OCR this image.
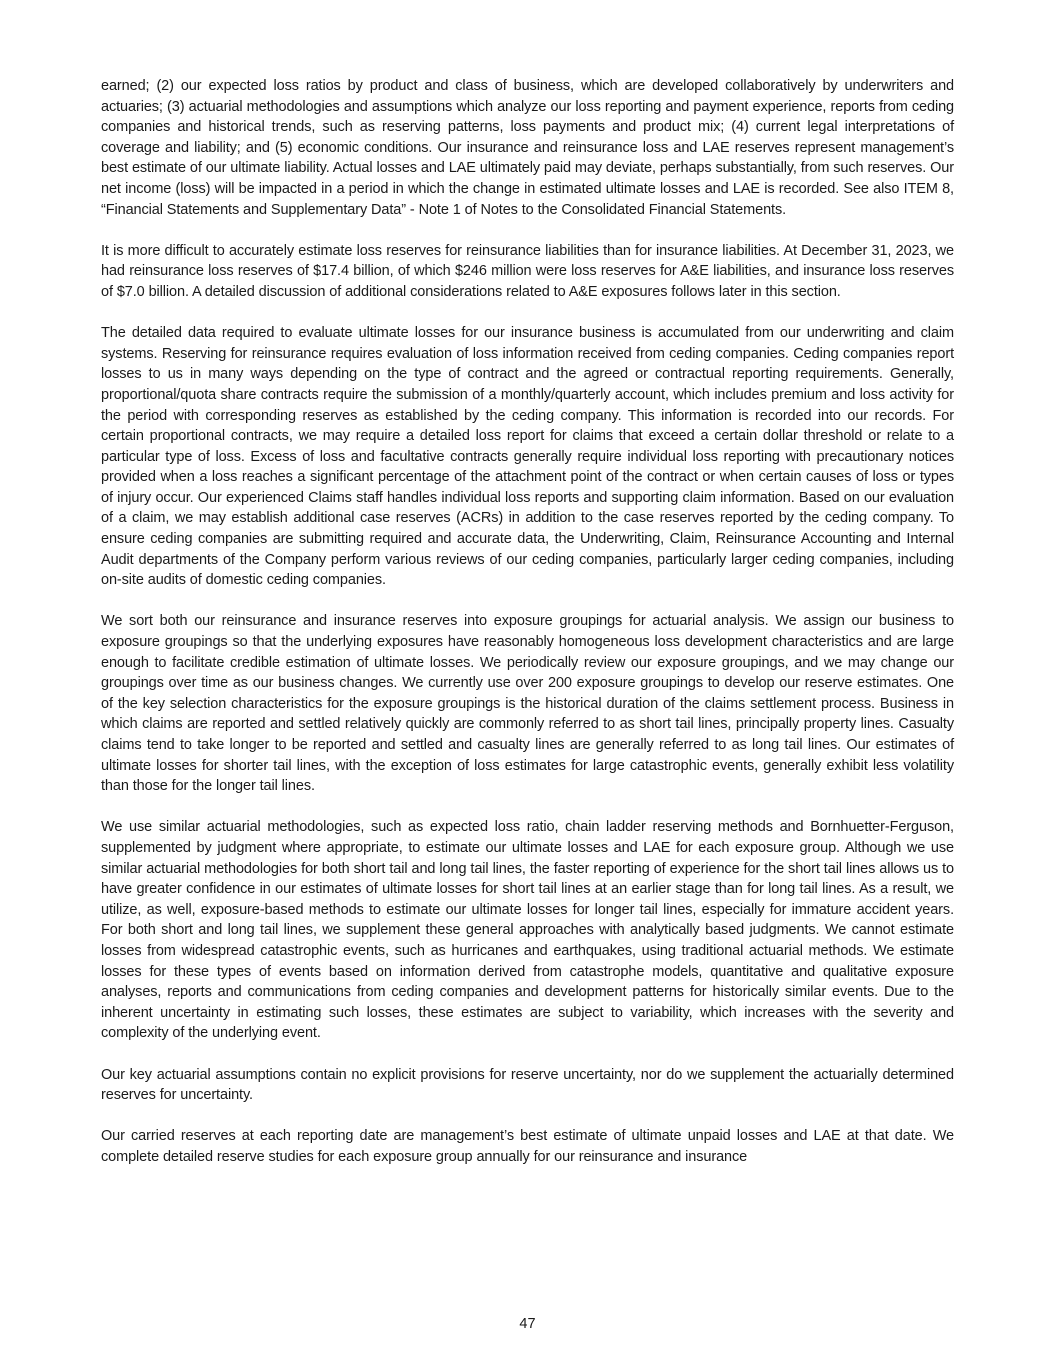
earned; (2) our expected loss ratios by product and class of business, which are developed collaboratively by underwriters and actuaries; (3) actuarial methodologies and assumptions which analyze our loss reporting and payment experience, reports from ceding companies and historical trends, such as reserving patterns, loss payments and product mix; (4) current legal interpretations of coverage and liability; and (5) economic conditions. Our insurance and reinsurance loss and LAE reserves represent management’s best estimate of our ultimate liability. Actual losses and LAE ultimately paid may deviate, perhaps substantially, from such reserves. Our net income (loss) will be impacted in a period in which the change in estimated ultimate losses and LAE is recorded. See also ITEM 8, “Financial Statements and Supplementary Data” - Note 1 of Notes to the Consolidated Financial Statements.

It is more difficult to accurately estimate loss reserves for reinsurance liabilities than for insurance liabilities. At December 31, 2023, we had reinsurance loss reserves of $17.4 billion, of which $246 million were loss reserves for A&E liabilities, and insurance loss reserves of $7.0 billion. A detailed discussion of additional considerations related to A&E exposures follows later in this section.

The detailed data required to evaluate ultimate losses for our insurance business is accumulated from our underwriting and claim systems. Reserving for reinsurance requires evaluation of loss information received from ceding companies. Ceding companies report losses to us in many ways depending on the type of contract and the agreed or contractual reporting requirements. Generally, proportional/quota share contracts require the submission of a monthly/quarterly account, which includes premium and loss activity for the period with corresponding reserves as established by the ceding company. This information is recorded into our records. For certain proportional contracts, we may require a detailed loss report for claims that exceed a certain dollar threshold or relate to a particular type of loss. Excess of loss and facultative contracts generally require individual loss reporting with precautionary notices provided when a loss reaches a significant percentage of the attachment point of the contract or when certain causes of loss or types of injury occur. Our experienced Claims staff handles individual loss reports and supporting claim information. Based on our evaluation of a claim, we may establish additional case reserves (ACRs) in addition to the case reserves reported by the ceding company. To ensure ceding companies are submitting required and accurate data, the Underwriting, Claim, Reinsurance Accounting and Internal Audit departments of the Company perform various reviews of our ceding companies, particularly larger ceding companies, including on-site audits of domestic ceding companies.

We sort both our reinsurance and insurance reserves into exposure groupings for actuarial analysis. We assign our business to exposure groupings so that the underlying exposures have reasonably homogeneous loss development characteristics and are large enough to facilitate credible estimation of ultimate losses. We periodically review our exposure groupings, and we may change our groupings over time as our business changes. We currently use over 200 exposure groupings to develop our reserve estimates. One of the key selection characteristics for the exposure groupings is the historical duration of the claims settlement process. Business in which claims are reported and settled relatively quickly are commonly referred to as short tail lines, principally property lines. Casualty claims tend to take longer to be reported and settled and casualty lines are generally referred to as long tail lines. Our estimates of ultimate losses for shorter tail lines, with the exception of loss estimates for large catastrophic events, generally exhibit less volatility than those for the longer tail lines.

We use similar actuarial methodologies, such as expected loss ratio, chain ladder reserving methods and Bornhuetter-Ferguson, supplemented by judgment where appropriate, to estimate our ultimate losses and LAE for each exposure group. Although we use similar actuarial methodologies for both short tail and long tail lines, the faster reporting of experience for the short tail lines allows us to have greater confidence in our estimates of ultimate losses for short tail lines at an earlier stage than for long tail lines. As a result, we utilize, as well, exposure-based methods to estimate our ultimate losses for longer tail lines, especially for immature accident years. For both short and long tail lines, we supplement these general approaches with analytically based judgments. We cannot estimate losses from widespread catastrophic events, such as hurricanes and earthquakes, using traditional actuarial methods. We estimate losses for these types of events based on information derived from catastrophe models, quantitative and qualitative exposure analyses, reports and communications from ceding companies and development patterns for historically similar events. Due to the inherent uncertainty in estimating such losses, these estimates are subject to variability, which increases with the severity and complexity of the underlying event.

Our key actuarial assumptions contain no explicit provisions for reserve uncertainty, nor do we supplement the actuarially determined reserves for uncertainty.

Our carried reserves at each reporting date are management’s best estimate of ultimate unpaid losses and LAE at that date. We complete detailed reserve studies for each exposure group annually for our reinsurance and insurance

47
